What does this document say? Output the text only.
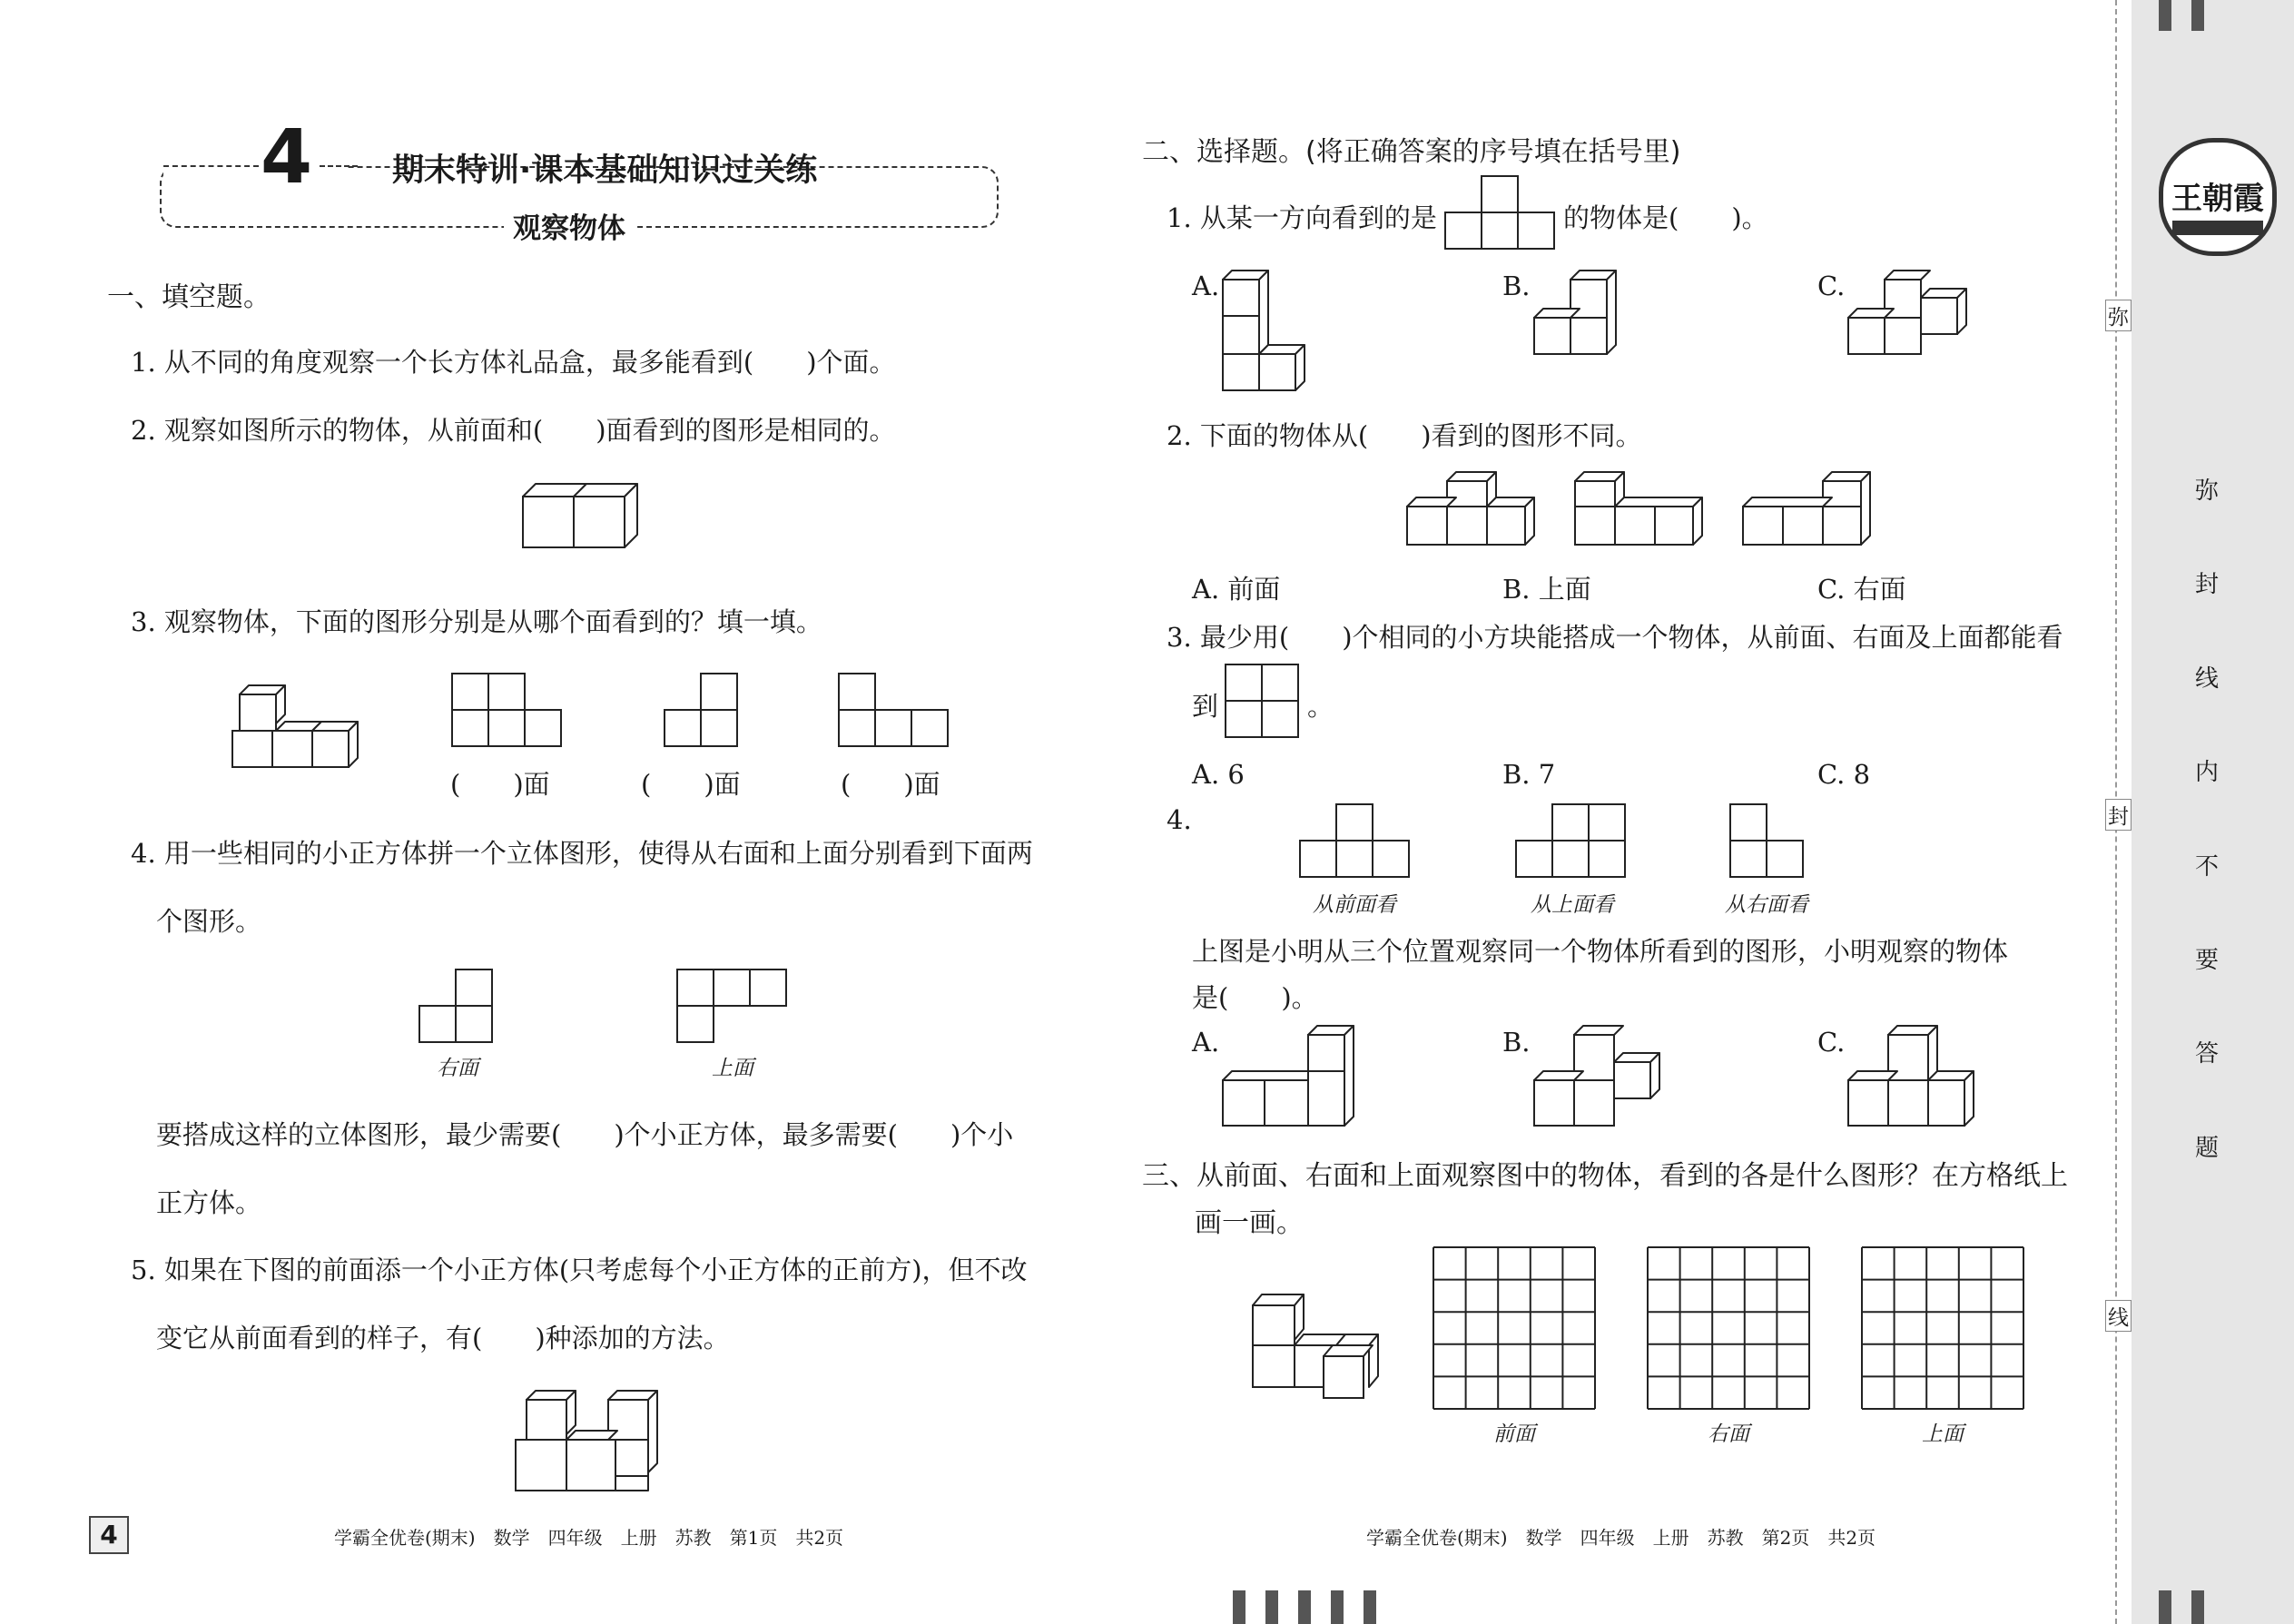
弥
封
线
弥
封
线
内
不
要
答
题
王朝霞
4	期末特训·课本基础知识过关练
观察物体
一、填空题。
1. 从不同的角度观察一个长方体礼品盒，最多能看到(　　)个面。
2. 观察如图所示的物体，从前面和(　　)面看到的图形是相同的。
3. 观察物体，下面的图形分别是从哪个面看到的？填一填。
(　　)面	(　　)面	(　　)面
4. 用一些相同的小正方体拼一个立体图形，使得从右面和上面分别看到下面两
个图形。
右面	上面
要搭成这样的立体图形，最少需要(　　)个小正方体，最多需要(　　)个小
正方体。
5. 如果在下图的前面添一个小正方体(只考虑每个小正方体的正前方)，但不改
变它从前面看到的样子，有(　　)种添加的方法。
二、选择题。(将正确答案的序号填在括号里)
1. 从某一方向看到的是	的物体是(　　)。
A.	B.	C.
2. 下面的物体从(　　)看到的图形不同。
A. 前面	B. 上面	C. 右面
3. 最少用(　　)个相同的小方块能搭成一个物体，从前面、右面及上面都能看
到	。
A. 6	B. 7	C. 8
4.
从前面看	从上面看	从右面看
上图是小明从三个位置观察同一个物体所看到的图形，小明观察的物体
是(　　)。
A.	B.	C.
三、从前面、右面和上面观察图中的物体，看到的各是什么图形？在方格纸上
画一画。
前面	右面	上面
4	学霸全优卷(期末)　数学　四年级　上册　苏教　第1页　共2页	学霸全优卷(期末)　数学　四年级　上册　苏教　第2页　共2页
